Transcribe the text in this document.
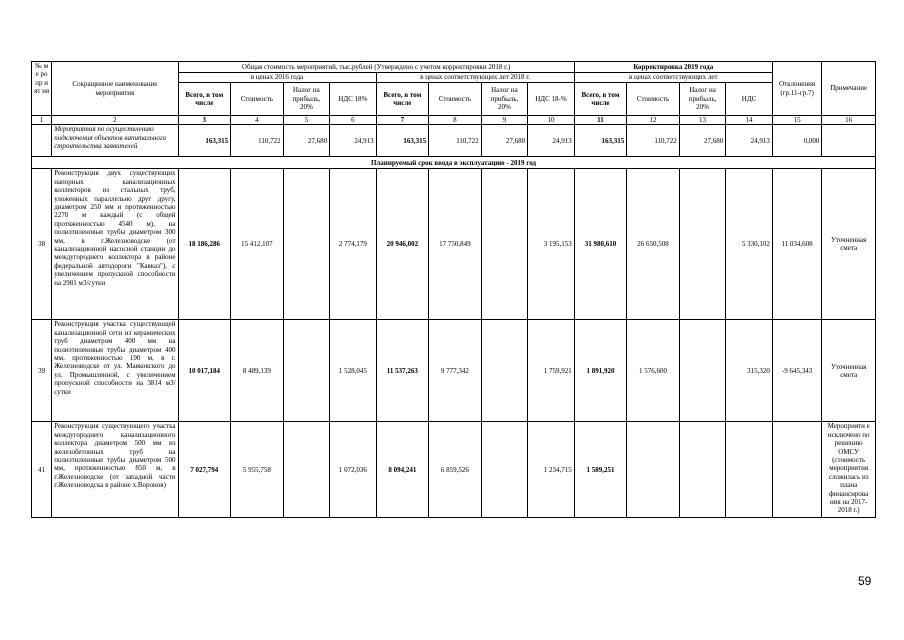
№ ме ро пр ият ия	Сокращенное наименование мероприятия	Общая стоимость мероприятий, тыс.рублей (Утверждено с учетом корректировки 2018 г.)								Корректировка 2019 года				Отклонения (гр.11-гр.7)	Примечание
		в ценах 2016 года				в ценах соответствующих лет 2018 г.				в ценах соответствующих лет					
		Всего, в том числе	Стоимость	Налог на прибыль, 20%	НДС 18%	Всего, в том числе	Стоимость	Налог на прибыль, 20%	НДС 18-%	Всего, в том числе	Стоимость	Налог на прибыль, 20%	НДС		
1	2	3	4	5	6	7	8	9	10	11	12	13	14	15	16
	Мероприятия по осуществлению подключения объектов капитального строительства заявителей	163,315	110,722	27,680	24,913	163,315	110,722	27,680	24,913	163,315	110,722	27,680	24,913	0,000	
Планируемый срок ввода в эксплуатацию - 2019 год															
38	Реконструкция двух существующих напорных канализационных коллекторов из стальных труб, уложенных параллельно друг другу, диаметром 250 мм и протяженностью 2270 м каждый (с общей протяженностью 4540 м), на полиэтиленовые трубы диаметром 300 мм, в г.Железноводске (от канализационной насосной станции до междугороднего коллектора в районе федеральной автодороги "Кавказ"), с увеличением пропускной способности на 2981 м3/сутки	18 186,286	15 412,107		2 774,179	20 946,002	17 750,849		3 195,153	31 980,610	26 650,508		5 330,102	11 034,608	Уточненная смета
39	Реконструкция участка существующей канализационной сети из керамических труб диаметром 400 мм на полиэтиленовые трубы диаметром 400 мм, протяженностью 190 м, в г. Железноводске от ул. Маяковского до ул. Промышленной, с увеличением пропускной способности на 3814 м3/сутки	10 017,184	8 489,139		1 528,045	11 537,263	9 777,342		1 759,921	1 891,920	1 576,600		315,320	-9 645,343	Уточненная смета
41	Реконструкция существующего участка междугороднего канализационного коллектора диаметром 500 мм из железобетонных труб на полиэтиленовые трубы диаметром 500 мм, протяженностью 850 м, в г.Железноводске (от западной части г.Железноводска в районе х.Воронов)	7 027,794	5 955,758		1 072,036	8 094,241	6 859,526		1 234,715	1 589,251					Мероприяти е исключено по решению ОМСУ (стоимость мероприятия сложилась из плана финансирова ния на 2017-2018 г.)
59
